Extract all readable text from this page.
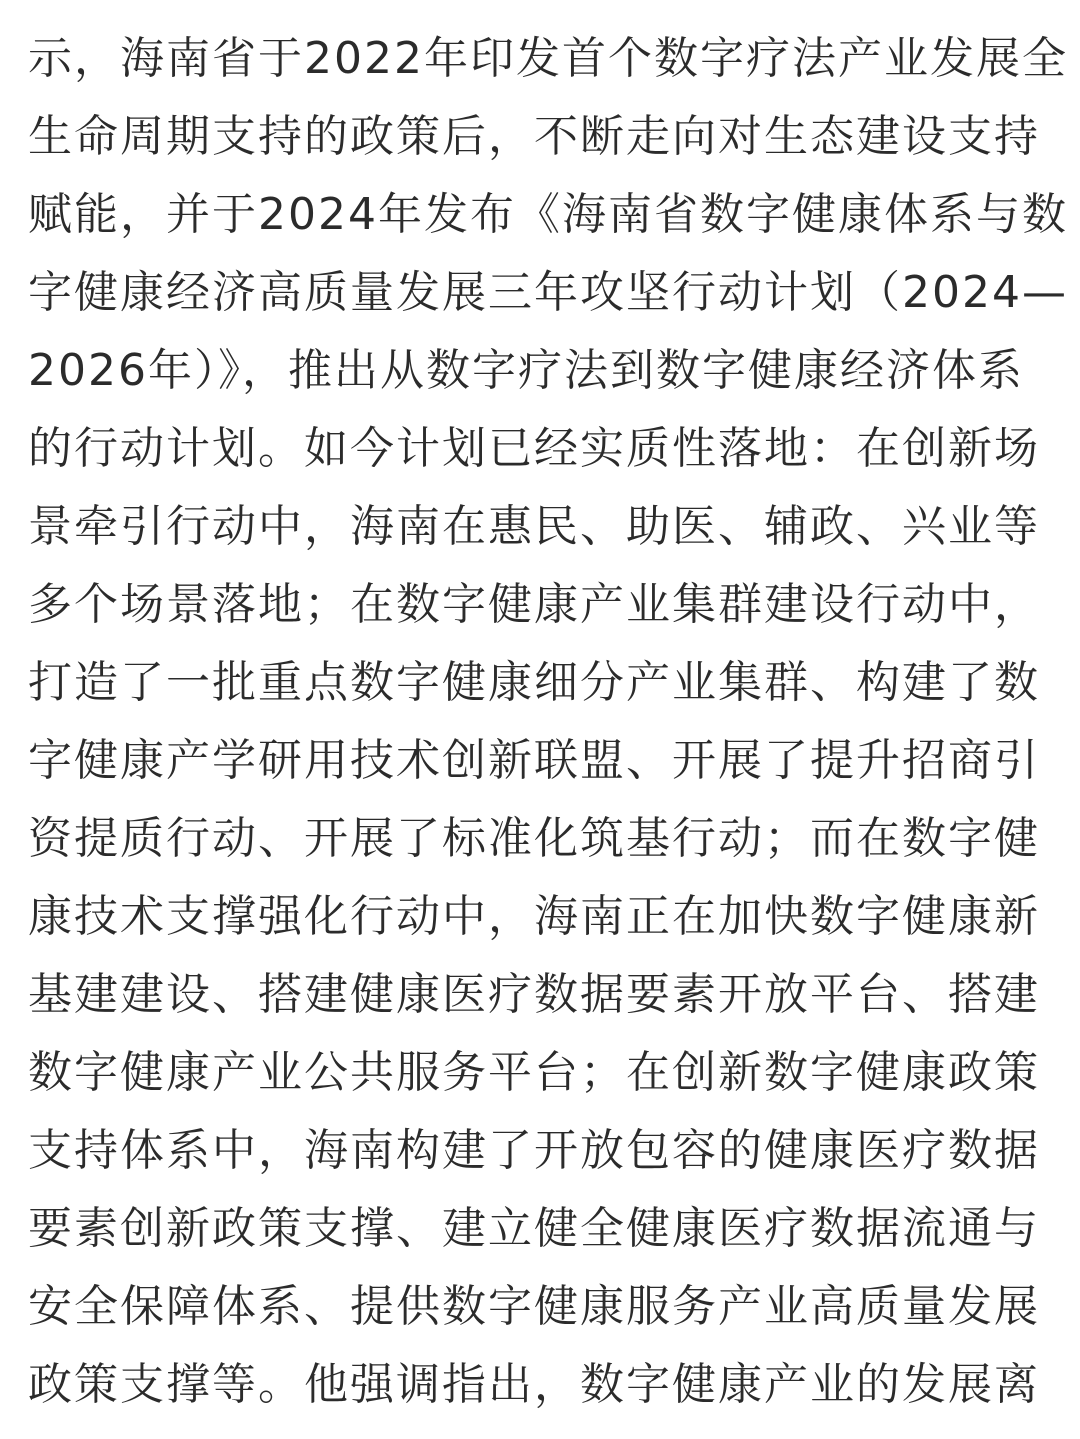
示，海南省于2022年印发首个数字疗法产业发展全
生命周期支持的政策后，不断走向对生态建设支持
赋能，并于2024年发布《海南省数字健康体系与数
字健康经济高质量发展三年攻坚行动计划（2024—
2026年）》，推出从数字疗法到数字健康经济体系
的行动计划。如今计划已经实质性落地：在创新场
景牵引行动中，海南在惠民、助医、辅政、兴业等
多个场景落地；在数字健康产业集群建设行动中，
打造了一批重点数字健康细分产业集群、构建了数
字健康产学研用技术创新联盟、开展了提升招商引
资提质行动、开展了标准化筑基行动；而在数字健
康技术支撑强化行动中，海南正在加快数字健康新
基建建设、搭建健康医疗数据要素开放平台、搭建
数字健康产业公共服务平台；在创新数字健康政策
支持体系中，海南构建了开放包容的健康医疗数据
要素创新政策支撑、建立健全健康医疗数据流通与
安全保障体系、提供数字健康服务产业高质量发展
政策支撑等。他强调指出，数字健康产业的发展离
